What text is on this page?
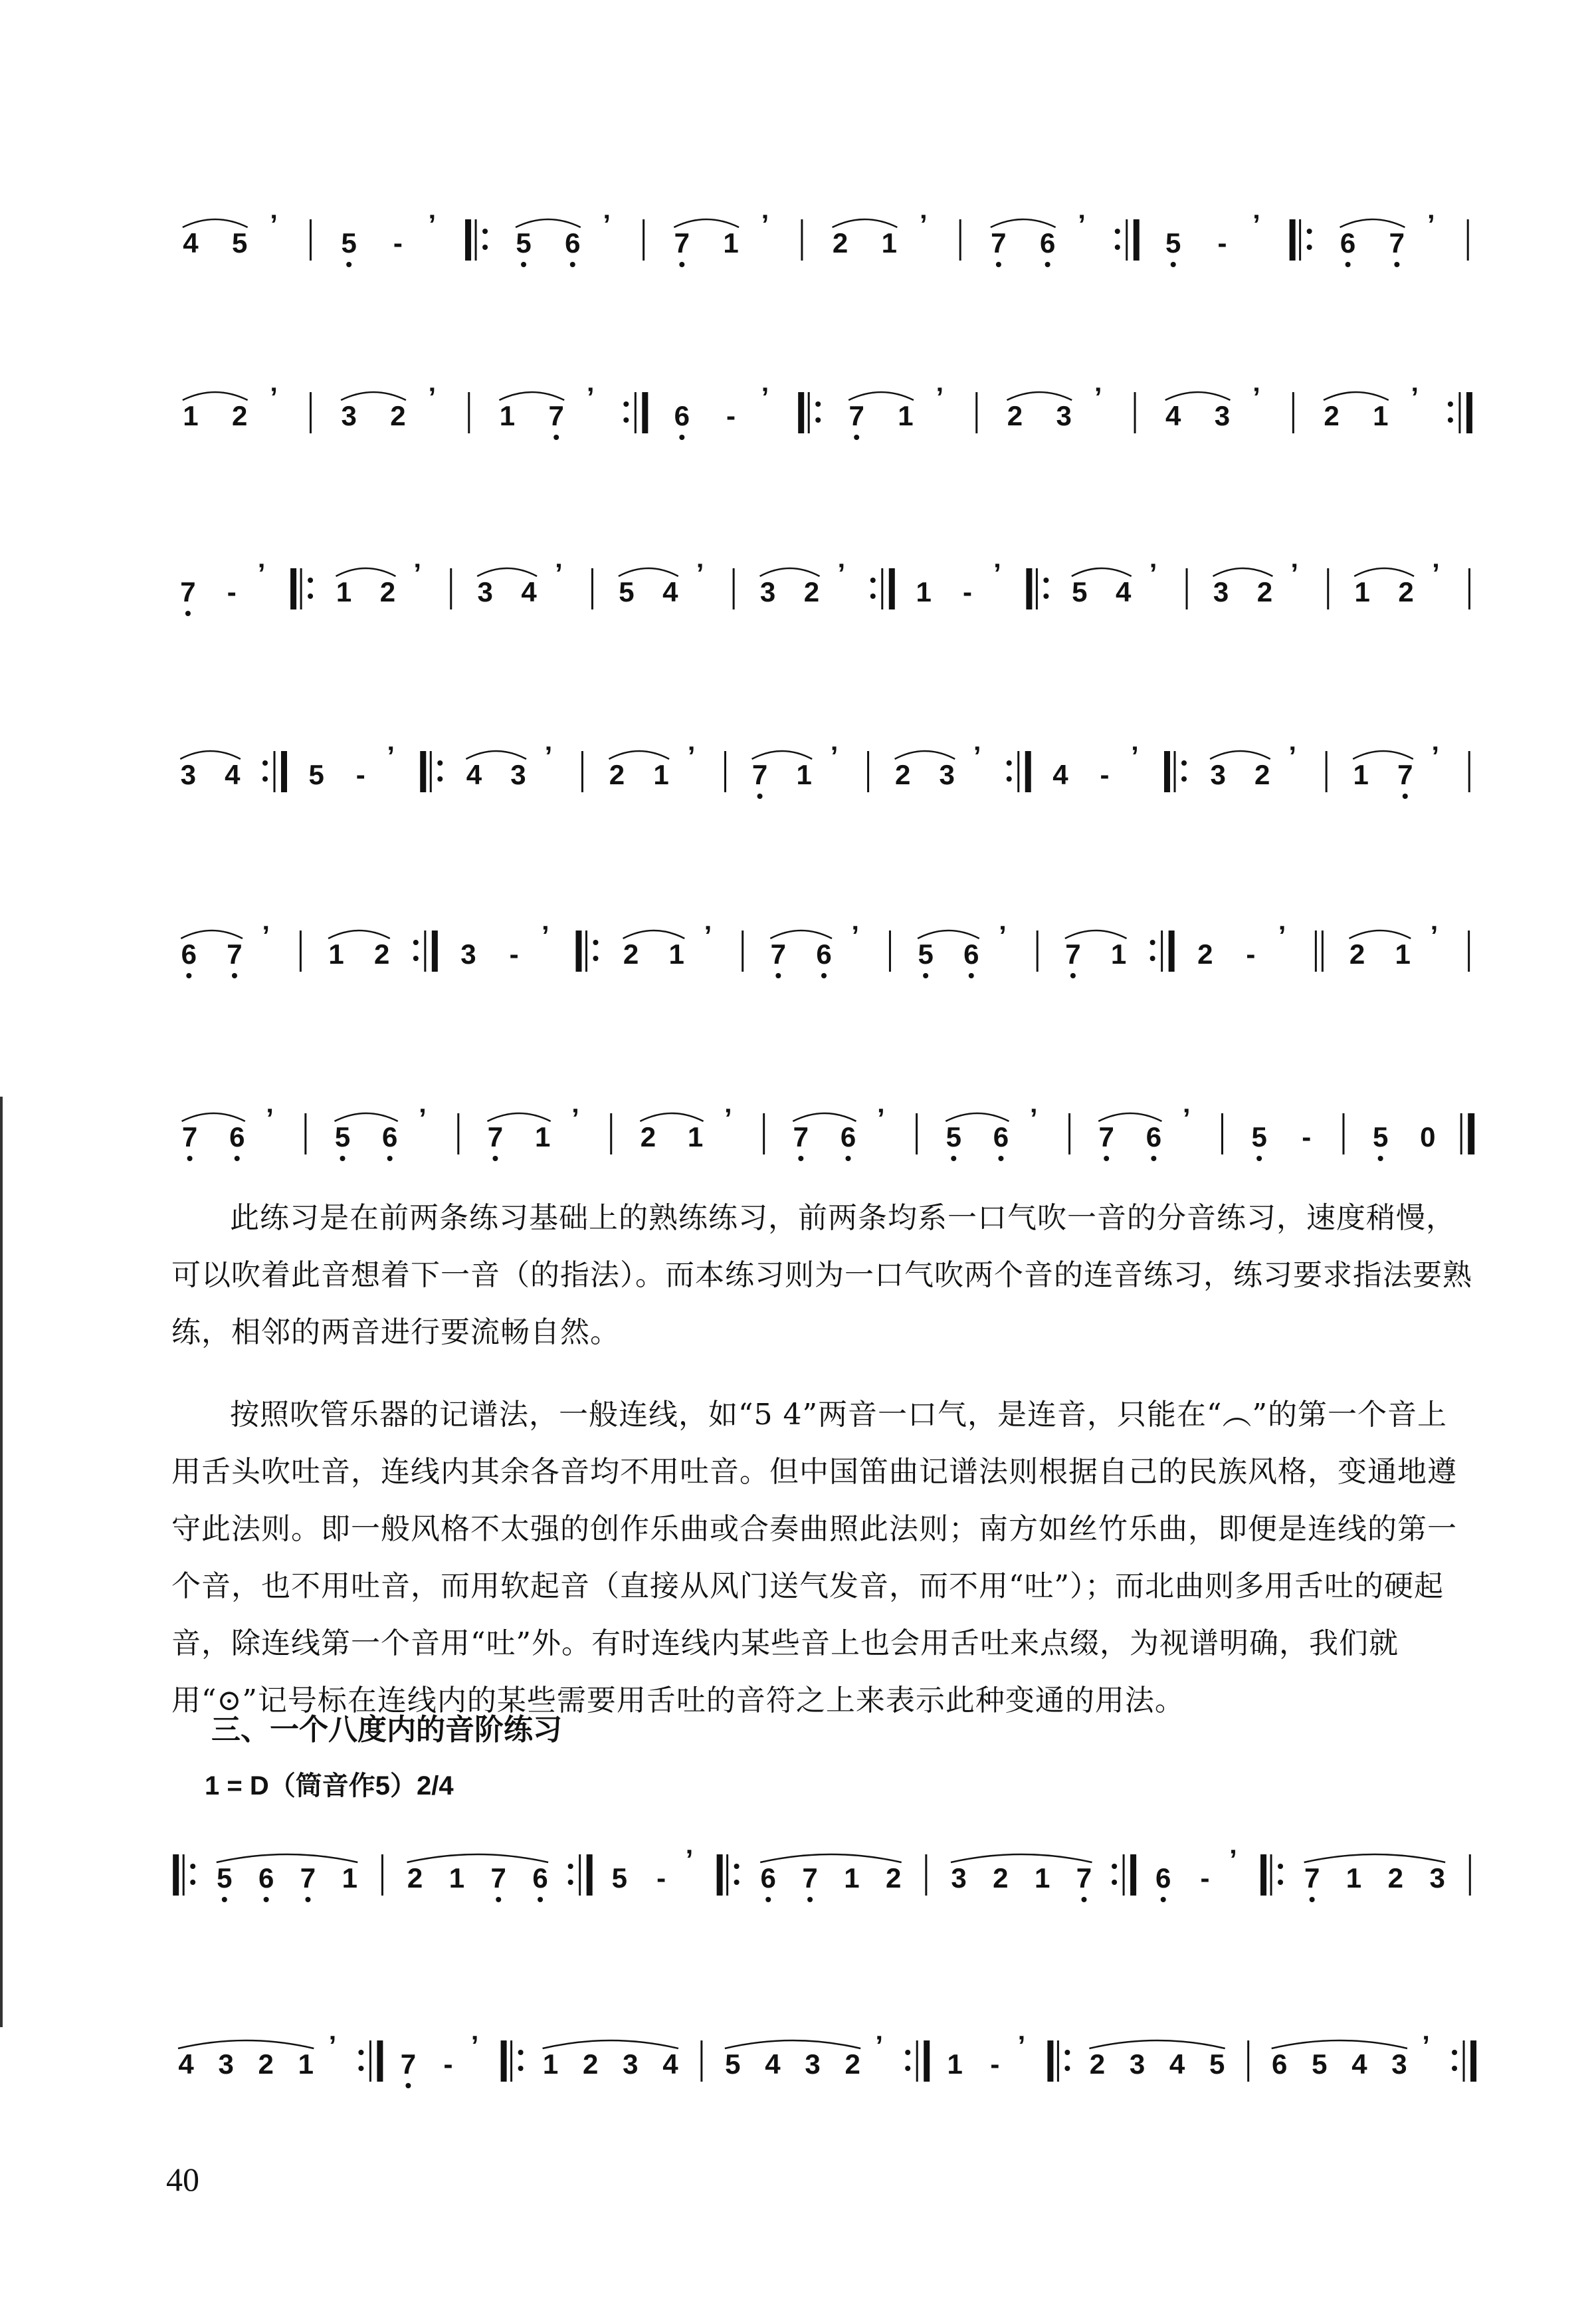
4 5
’
5 -
’
5 6
’
7 1
’
2 1
’
7 6
’
5 -
’
6 7
’
1 2
’
3 2
’
1 7
’
6 -
’
7 1
’
2 3
’
4 3
’
2 1
’
7 -
’
1 2
’
3 4
’
5 4
’
3 2
’
1 -
’
5 4
’
3 2
’
1 2
’
3 4 5 -
’
4 3
’
2 1
’
7 1
’
2 3
’
4 -
’
3 2
’
1 7
’
6 7
’
1 2	3 -
’
2 1
’
7 6
’
5 6
’
7 1	2 -
’
2 1
’
7 6
’
5 6
’
7 1
’
2 1
’
7 6
’
5 6
’
7 6
’
5 - 5 0

此练习是在前两条练习基础上的熟练练习，前两条均系一口气吹一音的分音练习，速度稍慢，可以吹着此音想着下一音（的指法）。而本练习则为一口气吹两个音的连音练习，练习要求指法要熟练，相邻的两音进行要流畅自然。

按照吹管乐器的记谱法，一般连线，如“5 4”两音一口气，是连音，只能在“︵”的第一个音上用舌头吹吐音，连线内其余各音均不用吐音。但中国笛曲记谱法则根据自己的民族风格，变通地遵守此法则。即一般风格不太强的创作乐曲或合奏曲照此法则；南方如丝竹乐曲，即便是连线的第一个音，也不用吐音，而用软起音（直接从风门送气发音，而不用“吐”）；而北曲则多用舌吐的硬起音，除连线第一个音用“吐”外。有时连线内某些音上也会用舌吐来点缀，为视谱明确，我们就用“⊙”记号标在连线内的某些需要用舌吐的音符之上来表示此种变通的用法。

三、一个八度内的音阶练习
1 = D（筒音作5）2/4
5 6 7 1 2 1 7 6 5 -
’
6 7 1 2 3 2 1 7 6 -
’
7 1 2 3
4 3 2 1
’
7 -
’
1 2 3 4 5 4 3 2
’
1 -
’
2 3 4 5 6 5 4 3
’
40
